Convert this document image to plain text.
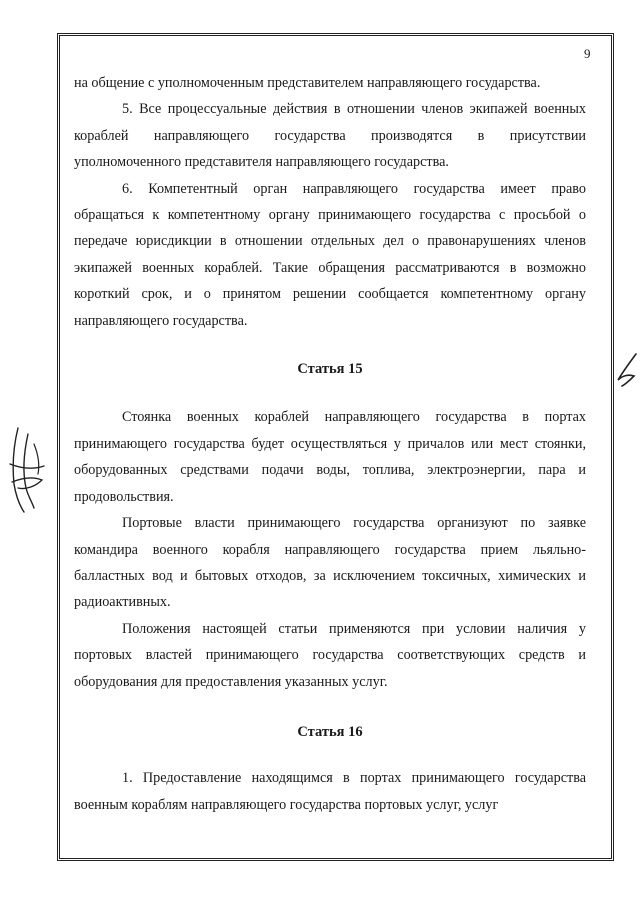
9

на общение с уполномоченным представителем направляющего государства.

5. Все процессуальные действия в отношении членов экипажей военных кораблей направляющего государства производятся в присутствии уполномоченного представителя направляющего государства.

6. Компетентный орган направляющего государства имеет право обращаться к компетентному органу принимающего государства с просьбой о передаче юрисдикции в отношении отдельных дел о правонарушениях членов экипажей военных кораблей. Такие обращения рассматриваются в возможно короткий срок, и о принятом решении сообщается компетентному органу направляющего государства.

Статья 15

Стоянка военных кораблей направляющего государства в портах принимающего государства будет осуществляться у причалов или мест стоянки, оборудованных средствами подачи воды, топлива, электроэнергии, пара и продовольствия.

Портовые власти принимающего государства организуют по заявке командира военного корабля направляющего государства прием льяльно-балластных вод и бытовых отходов, за исключением токсичных, химических и радиоактивных.

Положения настоящей статьи применяются при условии наличия у портовых властей принимающего государства соответствующих средств и оборудования для предоставления указанных услуг.

Статья 16

1. Предоставление находящимся в портах принимающего государства военным кораблям направляющего государства портовых услуг, услуг
